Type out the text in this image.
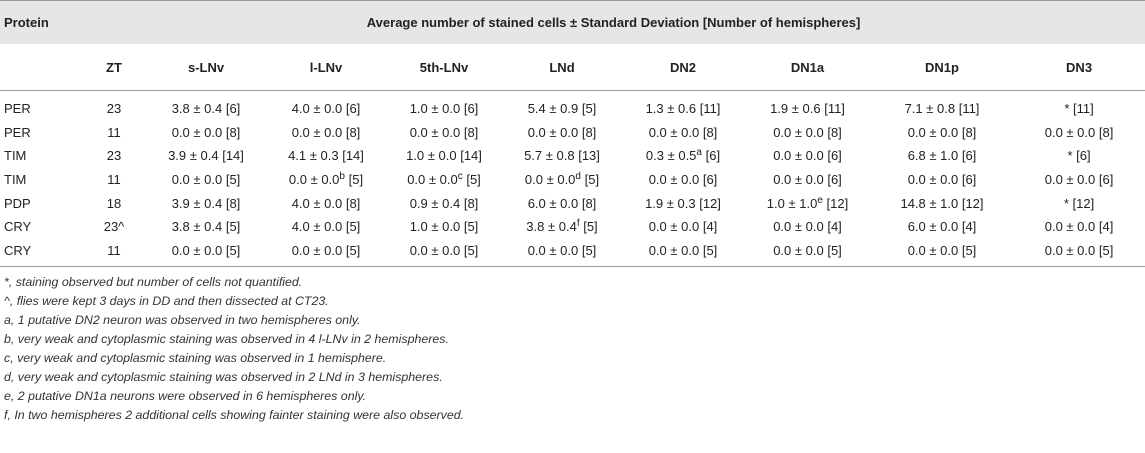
Protein	Average number of stained cells ± Standard Deviation [Number of hemispheres]								
	ZT	s-LNv	l-LNv	5th-LNv	LNd	DN2	DN1a	DN1p	DN3
PER	23	3.8 ± 0.4 [6]	4.0 ± 0.0 [6]	1.0 ± 0.0 [6]	5.4 ± 0.9 [5]	1.3 ± 0.6 [11]	1.9 ± 0.6 [11]	7.1 ± 0.8 [11]	* [11]
PER	11	0.0 ± 0.0 [8]	0.0 ± 0.0 [8]	0.0 ± 0.0 [8]	0.0 ± 0.0 [8]	0.0 ± 0.0 [8]	0.0 ± 0.0 [8]	0.0 ± 0.0 [8]	0.0 ± 0.0 [8]
TIM	23	3.9 ± 0.4 [14]	4.1 ± 0.3 [14]	1.0 ± 0.0 [14]	5.7 ± 0.8 [13]	0.3 ± 0.5$^a$ [6]	0.0 ± 0.0 [6]	6.8 ± 1.0 [6]	* [6]
TIM	11	0.0 ± 0.0 [5]	0.0 ± 0.0$^b$ [5]	0.0 ± 0.0$^c$ [5]	0.0 ± 0.0$^d$ [5]	0.0 ± 0.0 [6]	0.0 ± 0.0 [6]	0.0 ± 0.0 [6]	0.0 ± 0.0 [6]
PDP	18	3.9 ± 0.4 [8]	4.0 ± 0.0 [8]	0.9 ± 0.4 [8]	6.0 ± 0.0 [8]	1.9 ± 0.3 [12]	1.0 ± 1.0$^e$ [12]	14.8 ± 1.0 [12]	* [12]
CRY	23^	3.8 ± 0.4 [5]	4.0 ± 0.0 [5]	1.0 ± 0.0 [5]	3.8 ± 0.4$^f$ [5]	0.0 ± 0.0 [4]	0.0 ± 0.0 [4]	6.0 ± 0.0 [4]	0.0 ± 0.0 [4]
CRY	11	0.0 ± 0.0 [5]	0.0 ± 0.0 [5]	0.0 ± 0.0 [5]	0.0 ± 0.0 [5]	0.0 ± 0.0 [5]	0.0 ± 0.0 [5]	0.0 ± 0.0 [5]	0.0 ± 0.0 [5]
*, staining observed but number of cells not quantified.
^, flies were kept 3 days in DD and then dissected at CT23.
a, 1 putative DN2 neuron was observed in two hemispheres only.
b, very weak and cytoplasmic staining was observed in 4 l-LNv in 2 hemispheres.
c, very weak and cytoplasmic staining was observed in 1 hemisphere.
d, very weak and cytoplasmic staining was observed in 2 LNd in 3 hemispheres.
e, 2 putative DN1a neurons were observed in 6 hemispheres only.
f, In two hemispheres 2 additional cells showing fainter staining were also observed.
